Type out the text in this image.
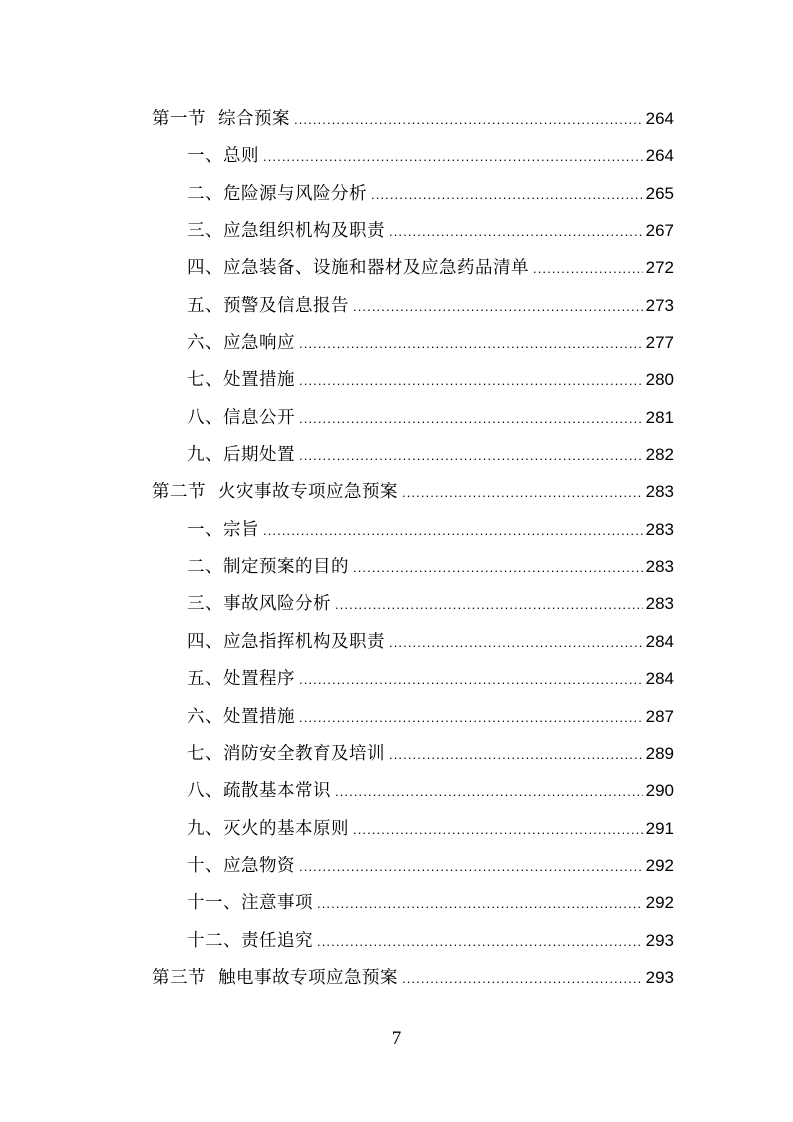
第一节 综合预案 .....	264
一、总则 .....	264
二、危险源与风险分析 .....	265
三、应急组织机构及职责 .....	267
四、应急装备、设施和器材及应急药品清单 .....	272
五、预警及信息报告 .....	273
六、应急响应 .....	277
七、处置措施 .....	280
八、信息公开 .....	281
九、后期处置 .....	282
第二节 火灾事故专项应急预案 .....	283
一、宗旨 .....	283
二、制定预案的目的 .....	283
三、事故风险分析 .....	283
四、应急指挥机构及职责 .....	284
五、处置程序 .....	284
六、处置措施 .....	287
七、消防安全教育及培训 .....	289
八、疏散基本常识 .....	290
九、灭火的基本原则 .....	291
十、应急物资 .....	292
十一、注意事项 .....	292
十二、责任追究 .....	293
第三节 触电事故专项应急预案 .....	293
7
